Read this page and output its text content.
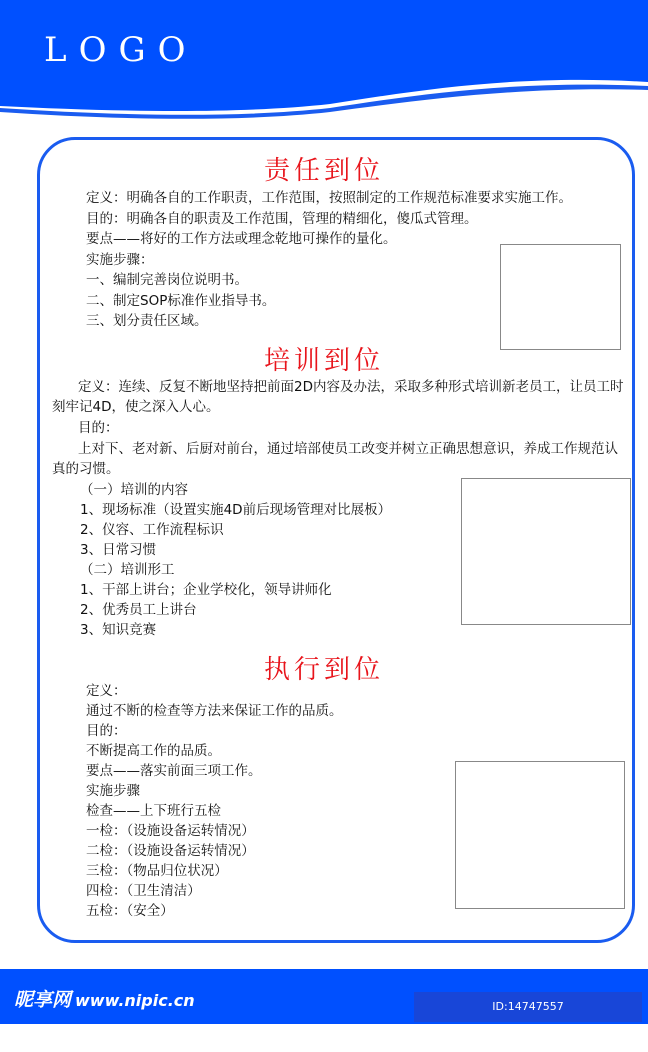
LOGO
责任到位
定义：明确各自的工作职责，工作范围，按照制定的工作规范标准要求实施工作。
目的：明确各自的职责及工作范围，管理的精细化，傻瓜式管理。
要点——将好的工作方法或理念乾地可操作的量化。
实施步骤：
一、编制完善岗位说明书。
二、制定SOP标准作业指导书。
三、划分责任区域。
培训到位
定义：连续、反复不断地坚持把前面2D内容及办法，采取多种形式培训新老员工，让员工时刻牢记4D，使之深入人心。
目的：
上对下、老对新、后厨对前台，通过培部使员工改变并树立正确思想意识，养成工作规范认真的习惯。
（一）培训的内容
1、现场标准（设置实施4D前后现场管理对比展板）
2、仪容、工作流程标识
3、日常习惯
（二）培训形工
1、干部上讲台；企业学校化，领导讲师化
2、优秀员工上讲台
3、知识竞赛
执行到位
定义：
通过不断的检查等方法来保证工作的品质。
目的：
不断提高工作的品质。
要点——落实前面三项工作。
实施步骤
检查——上下班行五检
一检：（设施设备运转情况）
二检：（设施设备运转情况）
三检：（物品归位状况）
四检：（卫生清洁）
五检：（安全）
昵享网 www.nipic.cn	ID:14747557 NO:20190719144516881086
